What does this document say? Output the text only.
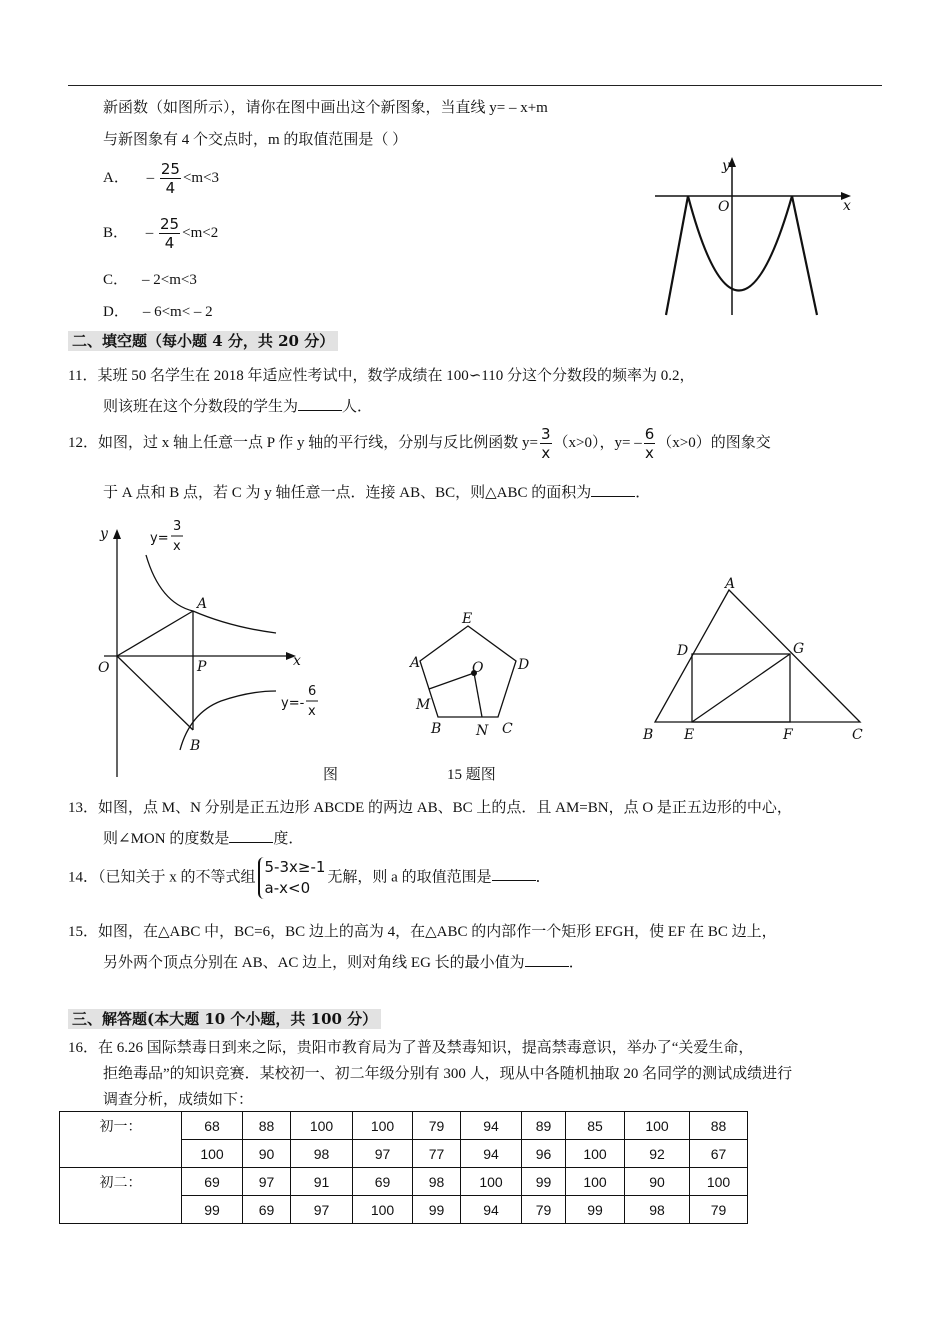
新函数（如图所示），请你在图中画出这个新图象，当直线 y= – x+m
与新图象有 4 个交点时，m 的取值范围是（ ）
A． – $\frac{25}{4} <m<3$
B． – $\frac{25}{4} <m<2$
C． – 2<m<3
D． – 6<m< – 2
y
x
O
二、填空题（每小题 4 分，共 20 分）
11．某班 50 名学生在 2018 年适应性考试中，数学成绩在 100∽110 分这个分数段的频率为 0.2，
则该班在这个分数段的学生为	人．
12．如图，过 x 轴上任意一点 P 作 y 轴的平行线，分别与反比例函数 $y= \frac{3}{x} (x>0)$，$y= - \frac{6}{x} (x>0)$的图象交
于 A 点和 B 点，若 C 为 y 轴任意一点．连接 AB、BC，则△ABC 的面积为	．
y
x
O
A
P
B
y=
3
x
y=-
6
x
图
E
A	D
O
M
B N C
15 题图
A
D	G
B E	F	C
13．如图，点 M、N 分别是正五边形 ABCDE 的两边 AB、BC 上的点．且 AM=BN，点 O 是正五边形的中心，
则∠MON 的度数是	度．
14．（已知关于 x 的不等式组
5-3x≥-1
a-x<0
无解，则 a 的取值范围是	．
15．如图，在△ABC 中，BC=6，BC 边上的高为 4，在△ABC 的内部作一个矩形 EFGH，使 EF 在 BC 边上，
另外两个顶点分别在 AB、AC 边上，则对角线 EG 长的最小值为	．
三、解答题(本大题 10 个小题，共 100 分）
16．在 6.26 国际禁毒日到来之际，贵阳市教育局为了普及禁毒知识，提高禁毒意识，举办了“关爱生命，
拒绝毒品”的知识竞赛．某校初一、初二年级分别有 300 人，现从中各随机抽取 20 名同学的测试成绩进行
调查分析，成绩如下：
初一：	68	88	100	100	79	94	89	85	100	88
	100	90	98	97	77	94	96	100	92	67
初二：	69	97	91	69	98	100	99	100	90	100
	99	69	97	100	99	94	79	99	98	79
